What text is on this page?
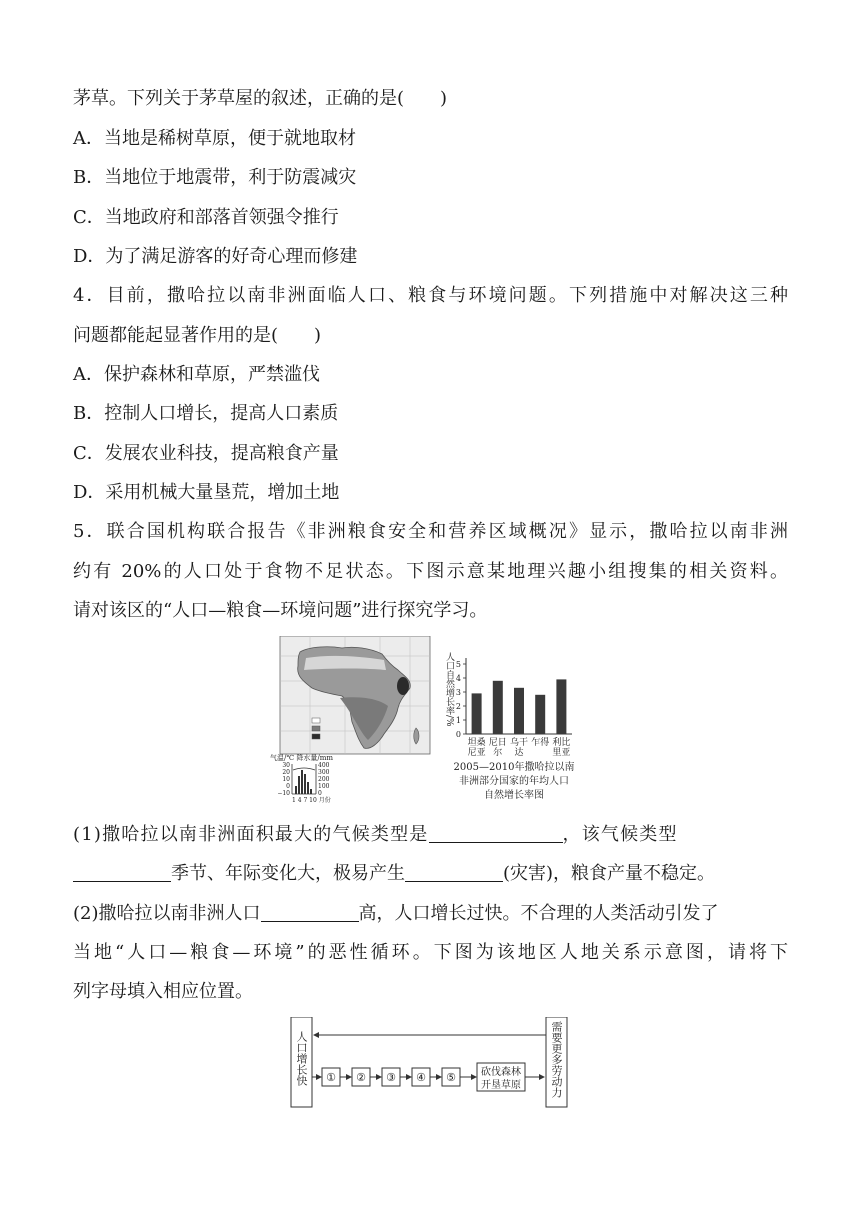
茅草。下列关于茅草屋的叙述，正确的是(　　)
A．当地是稀树草原，便于就地取材
B．当地位于地震带，利于防震减灾
C．当地政府和部落首领强令推行
D．为了满足游客的好奇心理而修建
4．目前，撒哈拉以南非洲面临人口、粮食与环境问题。下列措施中对解决这三种
问题都能起显著作用的是(　　)
A．保护森林和草原，严禁滥伐
B．控制人口增长，提高人口素质
C．发展农业科技，提高粮食产量
D．采用机械大量垦荒，增加土地
5．联合国机构联合报告《非洲粮食安全和营养区域概况》显示，撒哈拉以南非洲
约有 20%的人口处于食物不足状态。下图示意某地理兴趣小组搜集的相关资料。
请对该区的“人口—粮食—环境问题”进行探究学习。
(1)撒哈拉以南非洲面积最大的气候类型是	，该气候类型
季节、年际变化大，极易产生	(灾害)，粮食产量不稳定。
(2)撒哈拉以南非洲人口	高，人口增长过快。不合理的人类活动引发了
当地“人口—粮食—环境”的恶性循环。下图为该地区人地关系示意图，请将下
列字母填入相应位置。
气温/℃ 降水量/mm
30
20
10
0
−10
400
300
200
100
0
1 4 7 10 月份
人口自然增长率/%
0
1
2
3
4
5
坦桑
尼亚
尼日
尔
乌干
达
乍得 利比
里亚
2005—2010年撒哈拉以南
非洲部分国家的年均人口
自然增长率图
人口增长快	需要更多劳动力
① ② ③ ④ ⑤	砍伐森林
开垦草原
